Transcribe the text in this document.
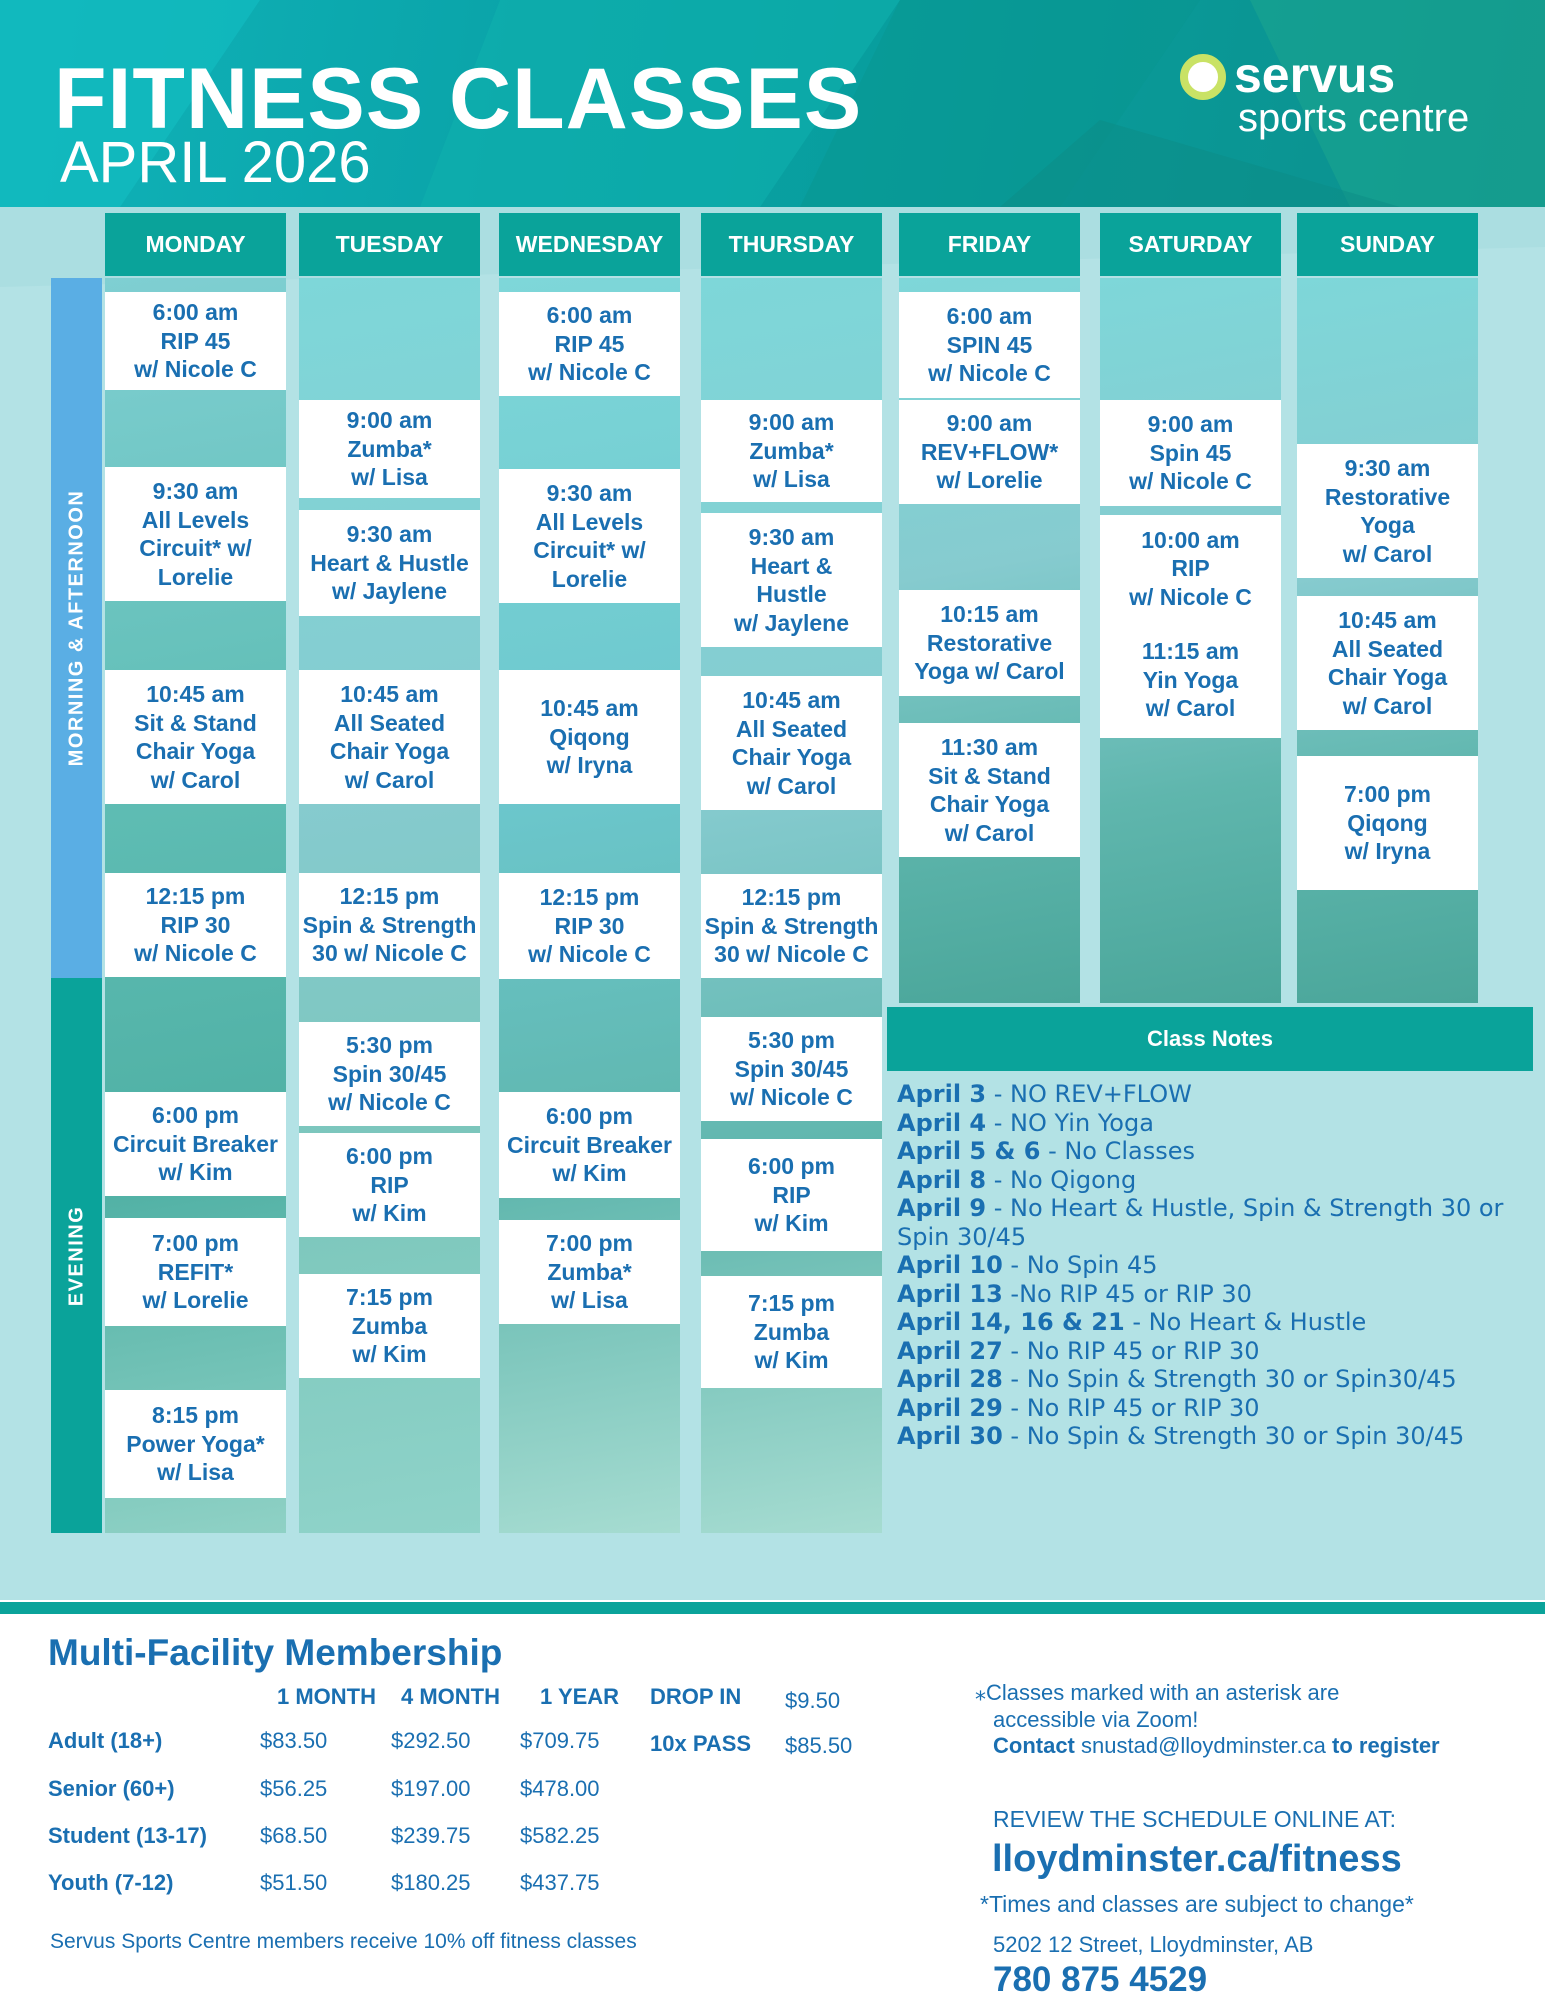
FITNESS CLASSES
APRIL 2026
servus
sports centre
MORNING & AFTERNOON
EVENING
MONDAY
6:00 am
RIP 45
w/ Nicole C
9:30 am
All Levels
Circuit* w/
Lorelie
10:45 am
Sit & Stand
Chair Yoga
w/ Carol
12:15 pm
RIP 30
w/ Nicole C
6:00 pm
Circuit Breaker
w/ Kim
7:00 pm
REFIT*
w/ Lorelie
8:15 pm
Power Yoga*
w/ Lisa
TUESDAY
9:00 am
Zumba*
w/ Lisa
9:30 am
Heart & Hustle
w/ Jaylene
10:45 am
All Seated
Chair Yoga
w/ Carol
12:15 pm
Spin & Strength
30 w/ Nicole C
5:30 pm
Spin 30/45
w/ Nicole C
6:00 pm
RIP
w/ Kim
7:15 pm
Zumba
w/ Kim
WEDNESDAY
6:00 am
RIP 45
w/ Nicole C
9:30 am
All Levels
Circuit* w/
Lorelie
10:45 am
Qiqong
w/ Iryna
12:15 pm
RIP 30
w/ Nicole C
6:00 pm
Circuit Breaker
w/ Kim
7:00 pm
Zumba*
w/ Lisa
THURSDAY
9:00 am
Zumba*
w/ Lisa
9:30 am
Heart &
Hustle
w/ Jaylene
10:45 am
All Seated
Chair Yoga
w/ Carol
12:15 pm
Spin & Strength
30 w/ Nicole C
5:30 pm
Spin 30/45
w/ Nicole C
6:00 pm
RIP
w/ Kim
7:15 pm
Zumba
w/ Kim
FRIDAY
6:00 am
SPIN 45
w/ Nicole C
9:00 am
REV+FLOW*
w/ Lorelie
10:15 am
Restorative
Yoga w/ Carol
11:30 am
Sit & Stand
Chair Yoga
w/ Carol
SATURDAY
9:00 am
Spin 45
w/ Nicole C
10:00 am
RIP
w/ Nicole C
11:15 am
Yin Yoga
w/ Carol
SUNDAY
9:30 am
Restorative
Yoga
w/ Carol
10:45 am
All Seated
Chair Yoga
w/ Carol
7:00 pm
Qiqong
w/ Iryna
Class Notes
April 3 - NO REV+FLOW
April 4 - NO Yin Yoga
April 5 & 6 - No Classes
April 8 - No Qigong
April 9 - No Heart & Hustle, Spin & Strength 30 or Spin 30/45
April 10 - No Spin 45
April 13 -No RIP 45 or RIP 30
April 14, 16 & 21 - No Heart & Hustle
April 27 - No RIP 45 or RIP 30
April 28 - No Spin & Strength 30 or Spin30/45
April 29 - No RIP 45 or RIP 30
April 30 - No Spin & Strength 30 or Spin 30/45
Multi-Facility Membership
1 MONTH 4 MONTH 1 YEAR DROP IN $9.50
10x PASS $85.50
Adult (18+)	$83.50	$292.50 $709.75
Senior (60+)	$56.25	$197.00 $478.00
Student (13-17) $68.50	$239.75 $582.25
Youth (7-12)	$51.50	$180.25 $437.75
Servus Sports Centre members receive 10% off fitness classes
⁎Classes marked with an asterisk are
accessible via Zoom!
Contact snustad@lloydminster.ca to register
REVIEW THE SCHEDULE ONLINE AT:
lloydminster.ca/fitness
*Times and classes are subject to change*
5202 12 Street, Lloydminster, AB
780 875 4529
